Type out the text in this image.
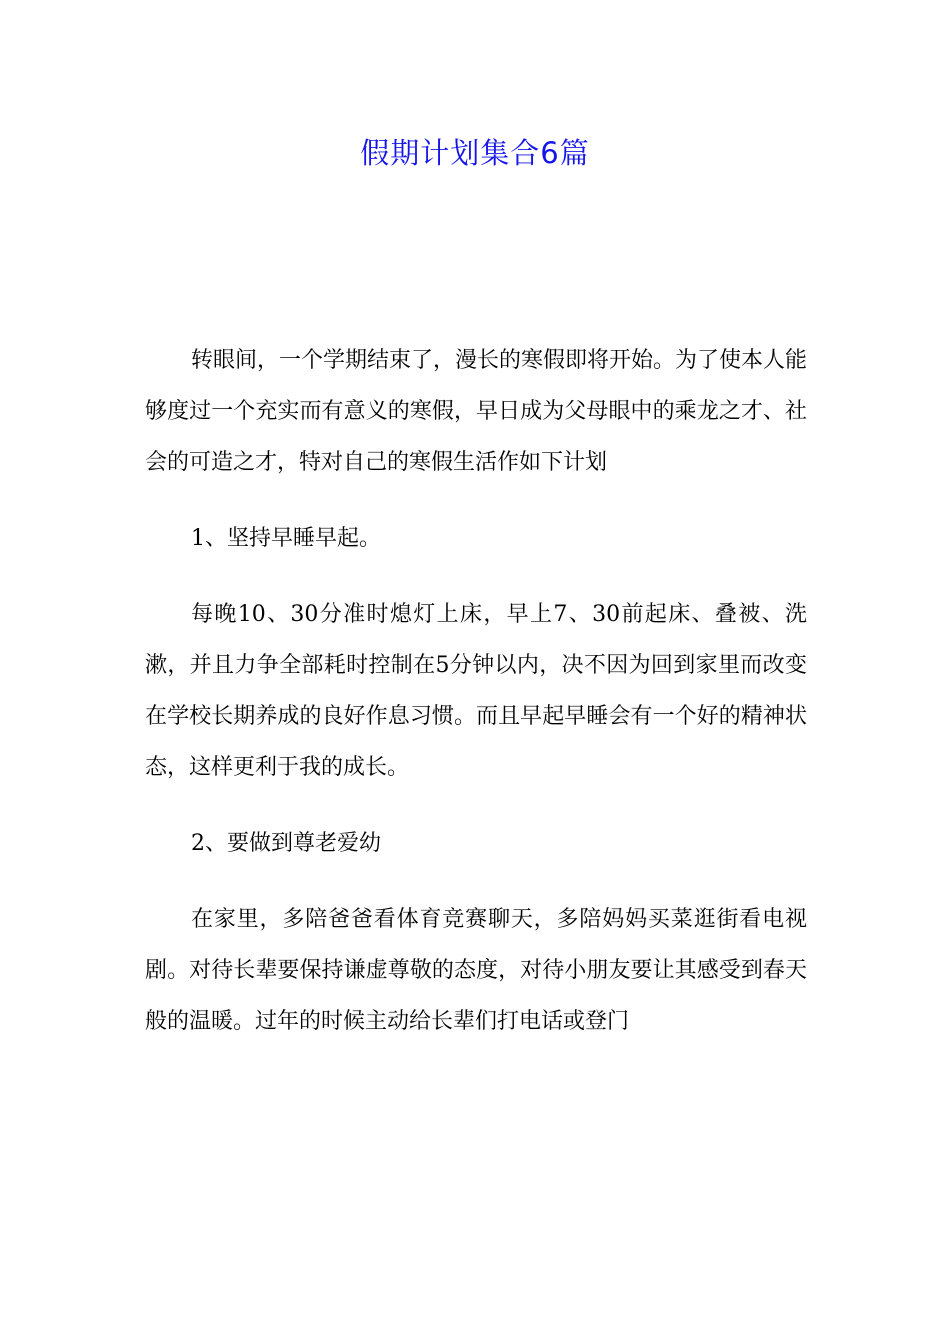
假期计划集合6篇

转眼间，一个学期结束了，漫长的寒假即将开始。为了使本人能够度过一个充实而有意义的寒假，早日成为父母眼中的乘龙之才、社会的可造之才，特对自己的寒假生活作如下计划

1、坚持早睡早起。

每晚10、30分准时熄灯上床，早上7、30前起床、叠被、洗漱，并且力争全部耗时控制在5分钟以内，决不因为回到家里而改变在学校长期养成的良好作息习惯。而且早起早睡会有一个好的精神状态，这样更利于我的成长。

2、要做到尊老爱幼

在家里，多陪爸爸看体育竞赛聊天，多陪妈妈买菜逛街看电视剧。对待长辈要保持谦虚尊敬的态度，对待小朋友要让其感受到春天般的温暖。过年的时候主动给长辈们打电话或登门
